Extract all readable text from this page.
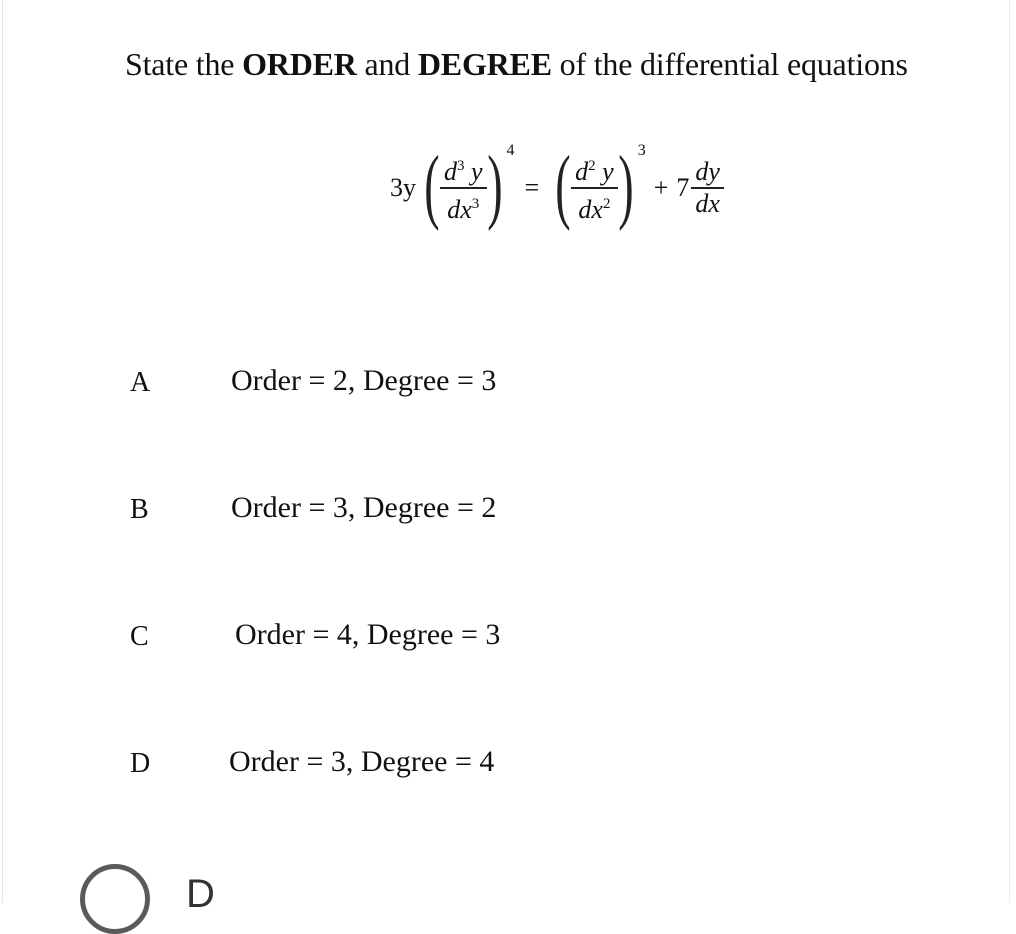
State the ORDER and DEGREE of the differential equations
3y ( $\frac{d^3 y}{dx^3}$ ) 4
= ( $\frac{d^2 y}{dx^2}$ ) 3
+ $7 \frac{dy}{dx}$
A	Order = 2, Degree = 3
B	Order = 3, Degree = 2
C	Order = 4, Degree = 3
D	Order = 3, Degree = 4
D
